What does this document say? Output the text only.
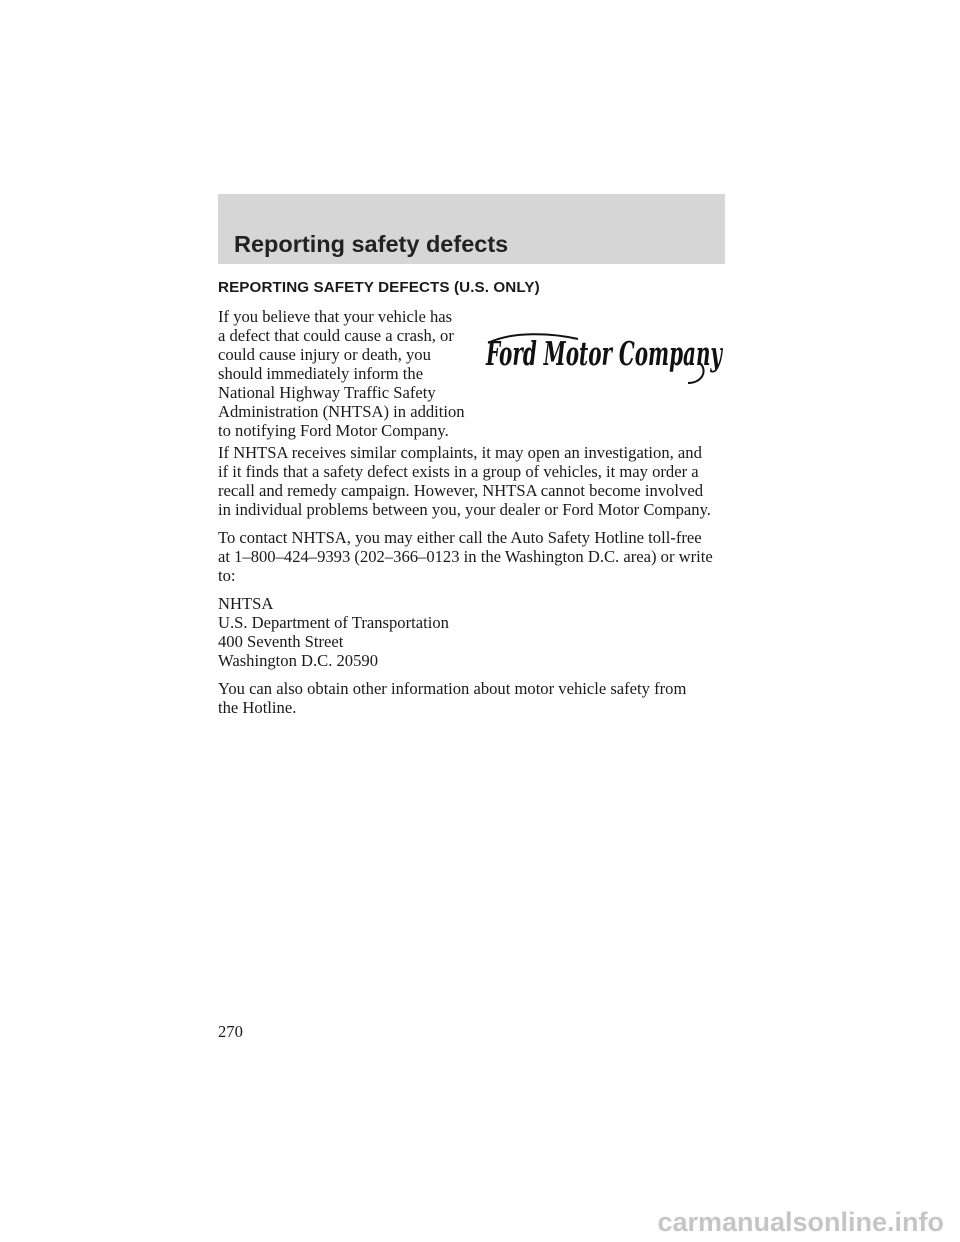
Reporting safety defects
REPORTING SAFETY DEFECTS (U.S. ONLY)
If you believe that your vehicle has
a defect that could cause a crash, or
could cause injury or death, you
should immediately inform the
National Highway Traffic Safety
Administration (NHTSA) in addition
to notifying Ford Motor Company.
Ford Motor Company

If NHTSA receives similar complaints, it may open an investigation, and
if it finds that a safety defect exists in a group of vehicles, it may order a
recall and remedy campaign. However, NHTSA cannot become involved
in individual problems between you, your dealer or Ford Motor Company.

To contact NHTSA, you may either call the Auto Safety Hotline toll-free
at 1–800–424–9393 (202–366–0123 in the Washington D.C. area) or write
to:

NHTSA
U.S. Department of Transportation
400 Seventh Street
Washington D.C. 20590

You can also obtain other information about motor vehicle safety from
the Hotline.

270
carmanualsonline.info
